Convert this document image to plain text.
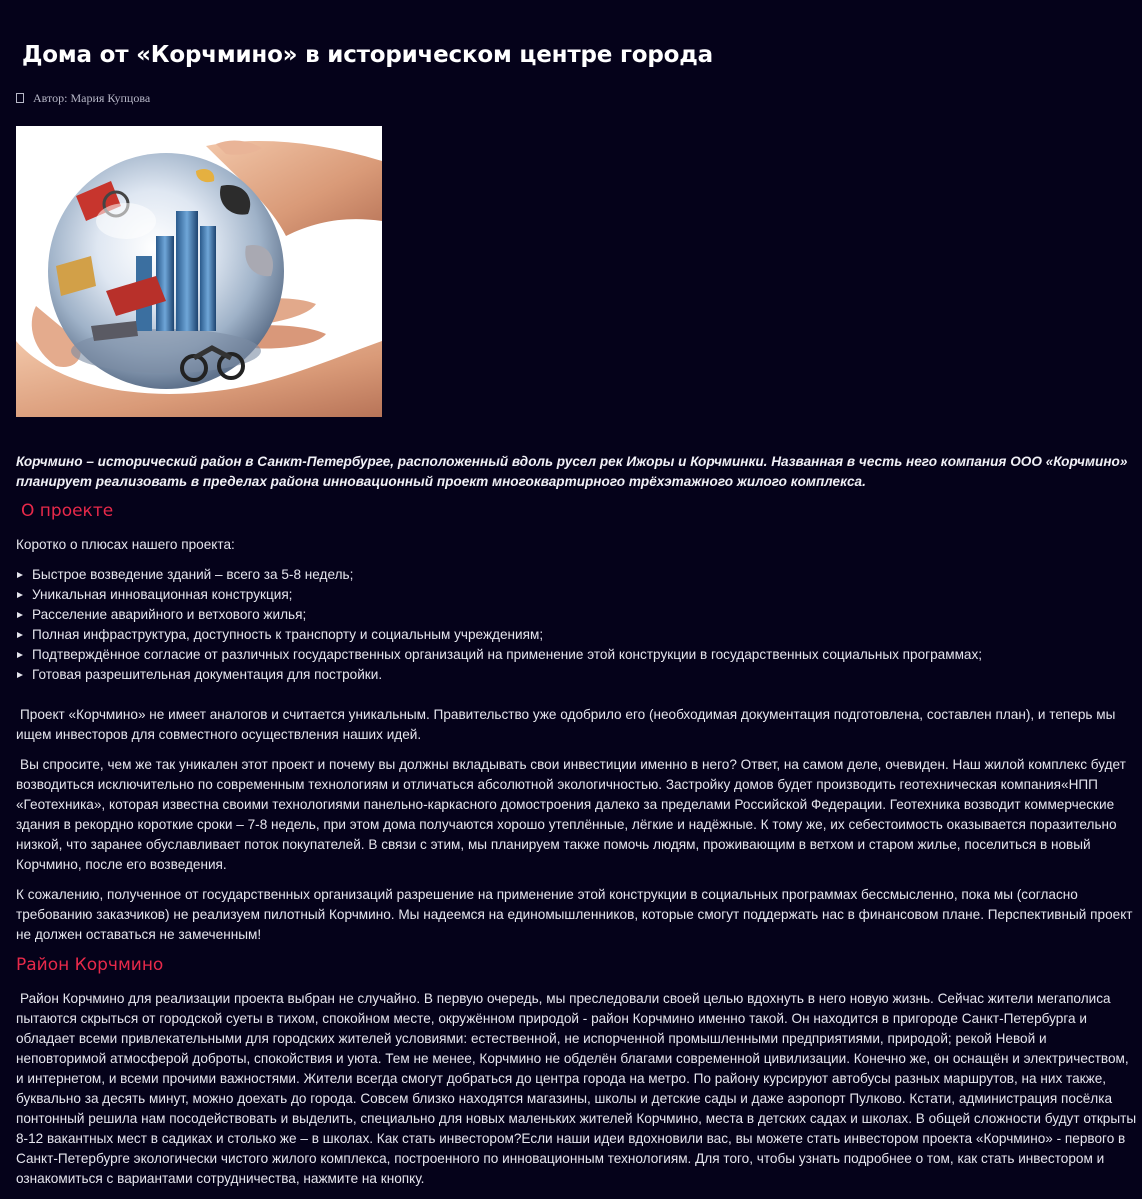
Дома от «Корчмино» в историческом центре города
Автор: Мария Купцова

Корчмино – исторический район в Санкт-Петербурге, расположенный вдоль русел рек Ижоры и Корчминки. Названная в честь него компания ООО «Корчмино» планирует реализовать в пределах района инновационный проект многоквартирного трёхэтажного жилого комплекса.

О проекте

Коротко о плюсах нашего проекта:

Быстрое возведение зданий – всего за 5-8 недель;
Уникальная инновационная конструкция;
Расселение аварийного и ветхового жилья;
Полная инфраструктура, доступность к транспорту и социальным учреждениям;
Подтверждённое согласие от различных государственных организаций на применение этой конструкции в государственных социальных программах;
Готовая разрешительная документация для постройки.

Проект «Корчмино» не имеет аналогов и считается уникальным. Правительство уже одобрило его (необходимая документация подготовлена, составлен план), и теперь мы ищем инвесторов для совместного осуществления наших идей.

Вы спросите, чем же так уникален этот проект и почему вы должны вкладывать свои инвестиции именно в него? Ответ, на самом деле, очевиден. Наш жилой комплекс будет возводиться исключительно по современным технологиям и отличаться абсолютной экологичностью. Застройку домов будет производить геотехническая компания«НПП «Геотехника», которая известна своими технологиями панельно-каркасного домостроения далеко за пределами Российской Федерации. Геотехника возводит коммерческие здания в рекордно короткие сроки – 7-8 недель, при этом дома получаются хорошо утеплённые, лёгкие и надёжные. К тому же, их себестоимость оказывается поразительно низкой, что заранее обуславливает поток покупателей. В связи с этим, мы планируем также помочь людям, проживающим в ветхом и старом жилье, поселиться в новый Корчмино, после его возведения.

К сожалению, полученное от государственных организаций разрешение на применение этой конструкции в социальных программах бессмысленно, пока мы (согласно требованию заказчиков) не реализуем пилотный Корчмино. Мы надеемся на единомышленников, которые смогут поддержать нас в финансовом плане. Перспективный проект не должен оставаться не замеченным!

Район Корчмино

Район Корчмино для реализации проекта выбран не случайно. В первую очередь, мы преследовали своей целью вдохнуть в него новую жизнь. Сейчас жители мегаполиса пытаются скрыться от городской суеты в тихом, спокойном месте, окружённом природой - район Корчмино именно такой. Он находится в пригороде Санкт-Петербурга и обладает всеми привлекательными для городских жителей условиями: естественной, не испорченной промышленными предприятиями, природой; рекой Невой и неповторимой атмосферой доброты, спокойствия и уюта. Тем не менее, Корчмино не обделён благами современной цивилизации. Конечно же, он оснащён и электричеством, и интернетом, и всеми прочими важностями. Жители всегда смогут добраться до центра города на метро. По району курсируют автобусы разных маршрутов, на них также, буквально за десять минут, можно доехать до города. Совсем близко находятся магазины, школы и детские сады и даже аэропорт Пулково. Кстати, администрация посёлка понтонный решила нам посодействовать и выделить, специально для новых маленьких жителей Корчмино, места в детских садах и школах. В общей сложности будут открыты 8-12 вакантных мест в садиках и столько же – в школах. Как стать инвестором?Если наши идеи вдохновили вас, вы можете стать инвестором проекта «Корчмино» - первого в Санкт-Петербурге экологически чистого жилого комплекса, построенного по инновационным технологиям. Для того, чтобы узнать подробнее о том, как стать инвестором и ознакомиться с вариантами сотрудничества, нажмите на кнопку.
